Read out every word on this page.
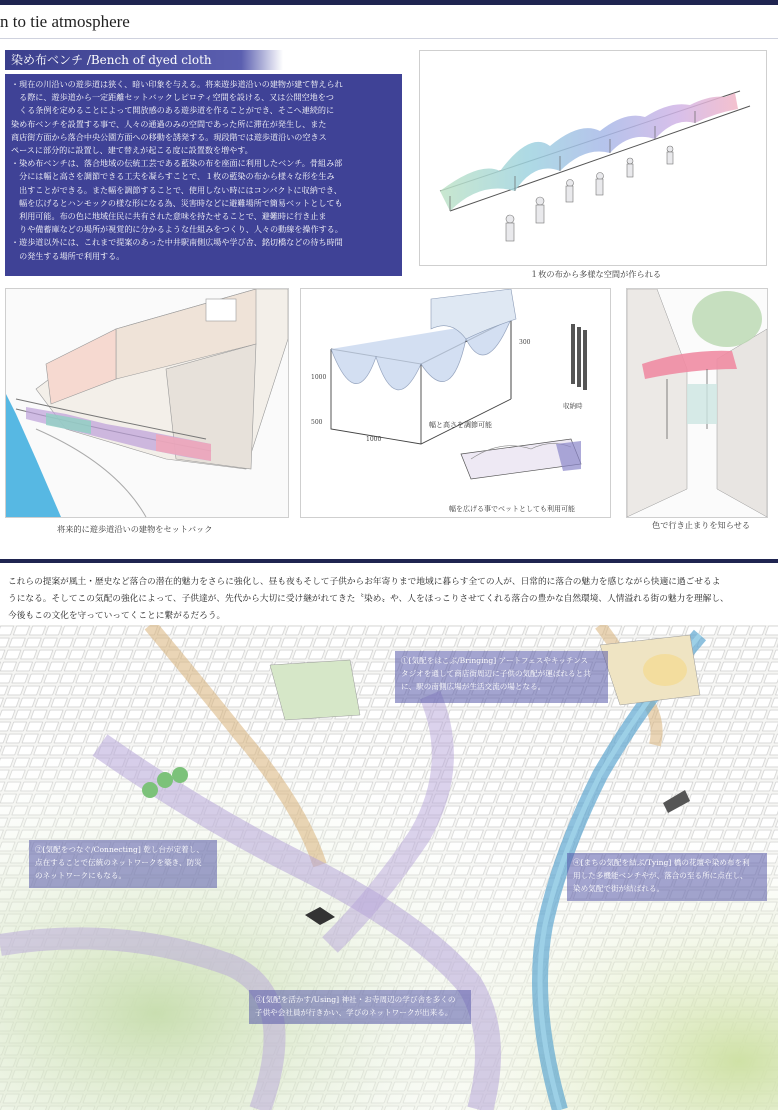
n to tie atmosphere
染め布ベンチ /Bench of dyed cloth

・現在の川沿いの遊歩道は狭く、暗い印象を与える。将来遊歩道沿いの建物が建て替えられ

　る際に、遊歩道から一定距離セットバックしピロティ空間を設ける、又は公開空地をつ

　くる条例を定めることによって開放感のある遊歩道を作ることができ、そこへ連続的に

染め布ベンチを設置する事で、人々の通過のみの空間であった所に滞在が発生し、また

商店街方面から落合中央公園方面への移動を誘発する。現段階では遊歩道沿いの空きス

ペースに部分的に設置し、建て替えが起こる度に設置数を増やす。

・染め布ベンチは、落合地域の伝統工芸である藍染の布を座面に利用したベンチ。骨組み部

　分には幅と高さを調節できる工夫を凝らすことで、１枚の藍染の布から様々な形を生み

　出すことができる。また幅を調節することで、使用しない時にはコンパクトに収納でき、

　幅を広げるとハンモックの様な形になる為、災害時などに避難場所で簡易ベットとしても

　利用可能。布の色に地域住民に共有された意味を持たせることで、避難時に行き止ま

　りや備蓄庫などの場所が視覚的に分かるような仕組みをつくり、人々の動線を操作する。

・遊歩道以外には、これまで提案のあった中井駅南側広場や学び舎、銘切橋などの待ち時間

　の発生する場所で利用する。

１枚の布から多様な空間が作られる
将来的に遊歩道沿いの建物をセットバック
1000
500
1000
300
幅と高さを調節可能
幅を広げる事でベットとしても利用可能
収納時
色で行き止まりを知らせる

これらの提案が風土・歴史など落合の潜在的魅力をさらに強化し、昼も夜もそして子供からお年寄りまで地域に暮らす全ての人が、日常的に落合の魅力を感じながら快適に過ごせるよ

うになる。そしてこの気配の強化によって、子供達が、先代から大切に受け継がれてきた〝染め〟や、人をほっこりさせてくれる落合の豊かな自然環境、人情溢れる街の魅力を理解し、

今後もこの文化を守っていってくことに繋がるだろう。

①[気配をはこぶ/Bringing] アートフェスやキッチンス

タジオを通して商店街周辺に子供の気配が運ばれると共

に、駅の南側広場が生活交流の場となる。

②[気配をつなぐ/Connecting] 乾し台が定着し、

点在することで伝統のネットワークを築き、防災

のネットワークにもなる。

④[まちの気配を結ぶ/Tying] 橋の花壇や染め布を利

用した多機能ベンチやが、落合の至る所に点在し、

染め気配で街が結ばれる。

③[気配を活かす/Using] 神社・お寺周辺の学び舎を多くの

子供や会社員が行きかい、学びのネットワークが出来る。
